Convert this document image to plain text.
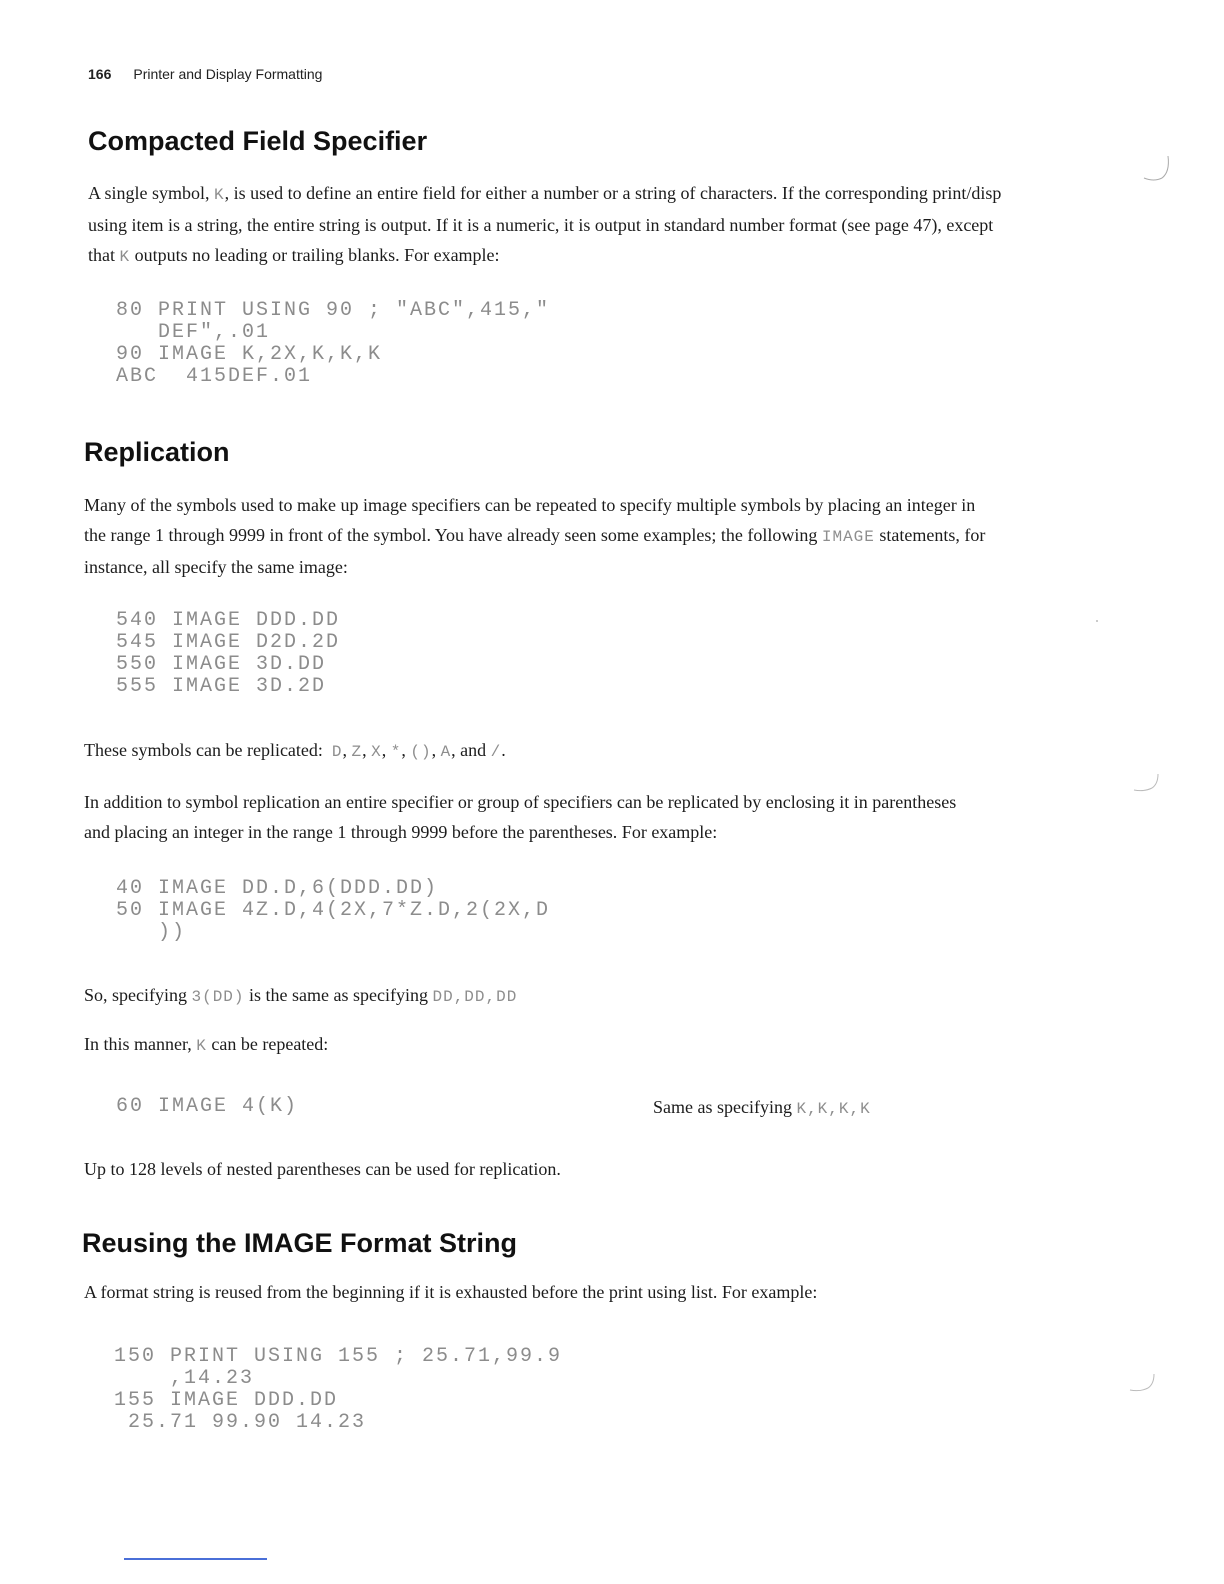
166 Printer and Display Formatting
Compacted Field Specifier
A single symbol, K, is used to define an entire field for either a number or a string of characters. If the corresponding print/disp using item is a string, the entire string is output. If it is a numeric, it is output in standard number format (see page 47), except that K outputs no leading or trailing blanks. For example:
80 PRINT USING 90 ; "ABC",415,"
DEF",.01
90 IMAGE K,2X,K,K,K
ABC  415DEF.01
Replication
Many of the symbols used to make up image specifiers can be repeated to specify multiple symbols by placing an integer in the range 1 through 9999 in front of the symbol. You have already seen some examples; the following IMAGE statements, for instance, all specify the same image:
540 IMAGE DDD.DD
545 IMAGE D2D.2D
550 IMAGE 3D.DD
555 IMAGE 3D.2D
These symbols can be replicated: D, Z, X, *, (), A, and /.
In addition to symbol replication an entire specifier or group of specifiers can be replicated by enclosing it in parentheses and placing an integer in the range 1 through 9999 before the parentheses. For example:
40 IMAGE DD.D,6(DDD.DD)
50 IMAGE 4Z.D,4(2X,7*Z.D,2(2X,D
))
So, specifying 3(DD) is the same as specifying DD,DD,DD
In this manner, K can be repeated:
60 IMAGE 4(K)	Same as specifying K,K,K,K
Up to 128 levels of nested parentheses can be used for replication.
Reusing the IMAGE Format String
A format string is reused from the beginning if it is exhausted before the print using list. For example:
150 PRINT USING 155 ; 25.71,99.9
,14.23
155 IMAGE DDD.DD
25.71 99.90 14.23
